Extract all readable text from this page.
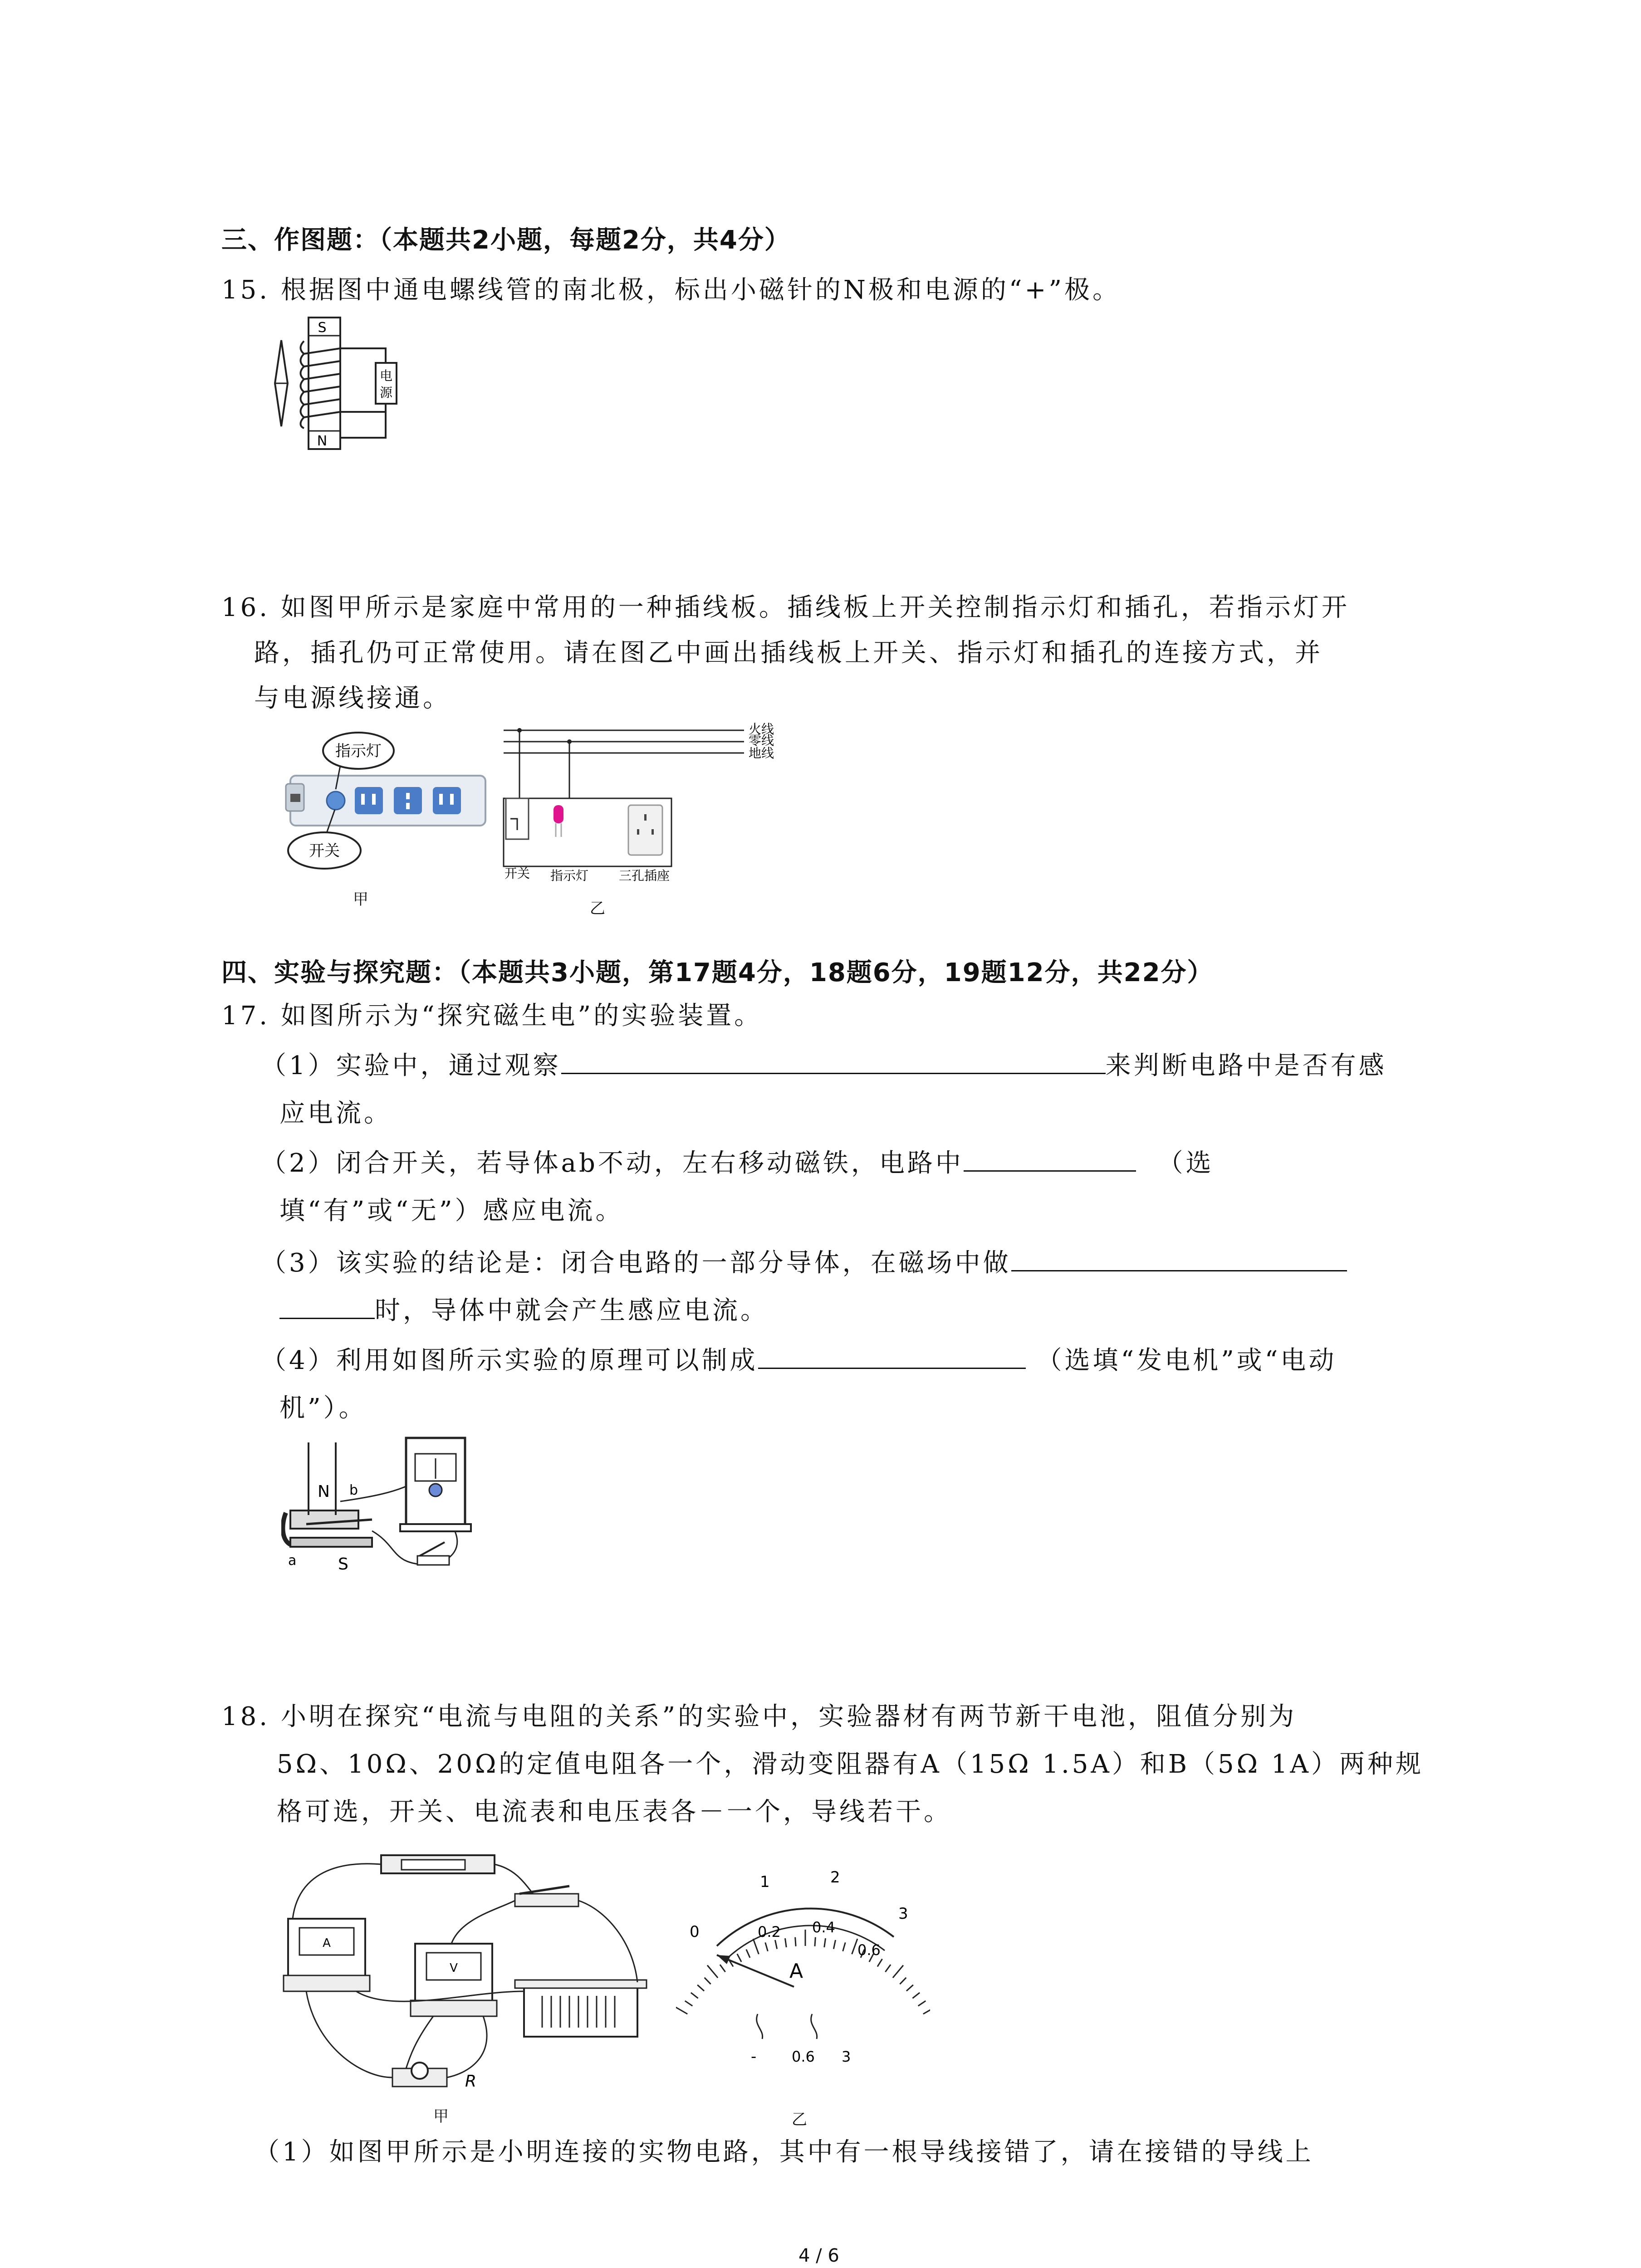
三、作图题：（本题共2小题，每题2分，共4分）
15. 根据图中通电螺线管的南北极，标出小磁针的N极和电源的“+”极。
S
N
电
源
16. 如图甲所示是家庭中常用的一种插线板。插线板上开关控制指示灯和插孔，若指示灯开
路，插孔仍可正常使用。请在图乙中画出插线板上开关、指示灯和插孔的连接方式，并
与电源线接通。
指示灯
开关
甲
火线
零线
地线
开关 指示灯 三孔插座
乙
四、实验与探究题：（本题共3小题，第17题4分，18题6分，19题12分，共22分）
17. 如图所示为“探究磁生电”的实验装置。
（1）实验中，通过观察	来判断电路中是否有感
应电流。
（2）闭合开关，若导体ab不动，左右移动磁铁，电路中	（选
填“有”或“无”）感应电流。
（3）该实验的结论是：闭合电路的一部分导体，在磁场中做
时，导体中就会产生感应电流。
（4）利用如图所示实验的原理可以制成	（选填“发电机”或“电动
机”）。
N
S
a
b
18. 小明在探究“电流与电阻的关系”的实验中，实验器材有两节新干电池，阻值分别为
5Ω、10Ω、20Ω的定值电阻各一个，滑动变阻器有A（15Ω 1.5A）和B（5Ω 1A）两种规
格可选，开关、电流表和电压表各－一个，导线若干。
A
V
R
甲
0
1	2
3
0.2 0.4
0.6
A
- 0.6 3
乙
（1）如图甲所示是小明连接的实物电路，其中有一根导线接错了，请在接错的导线上
4 / 6
